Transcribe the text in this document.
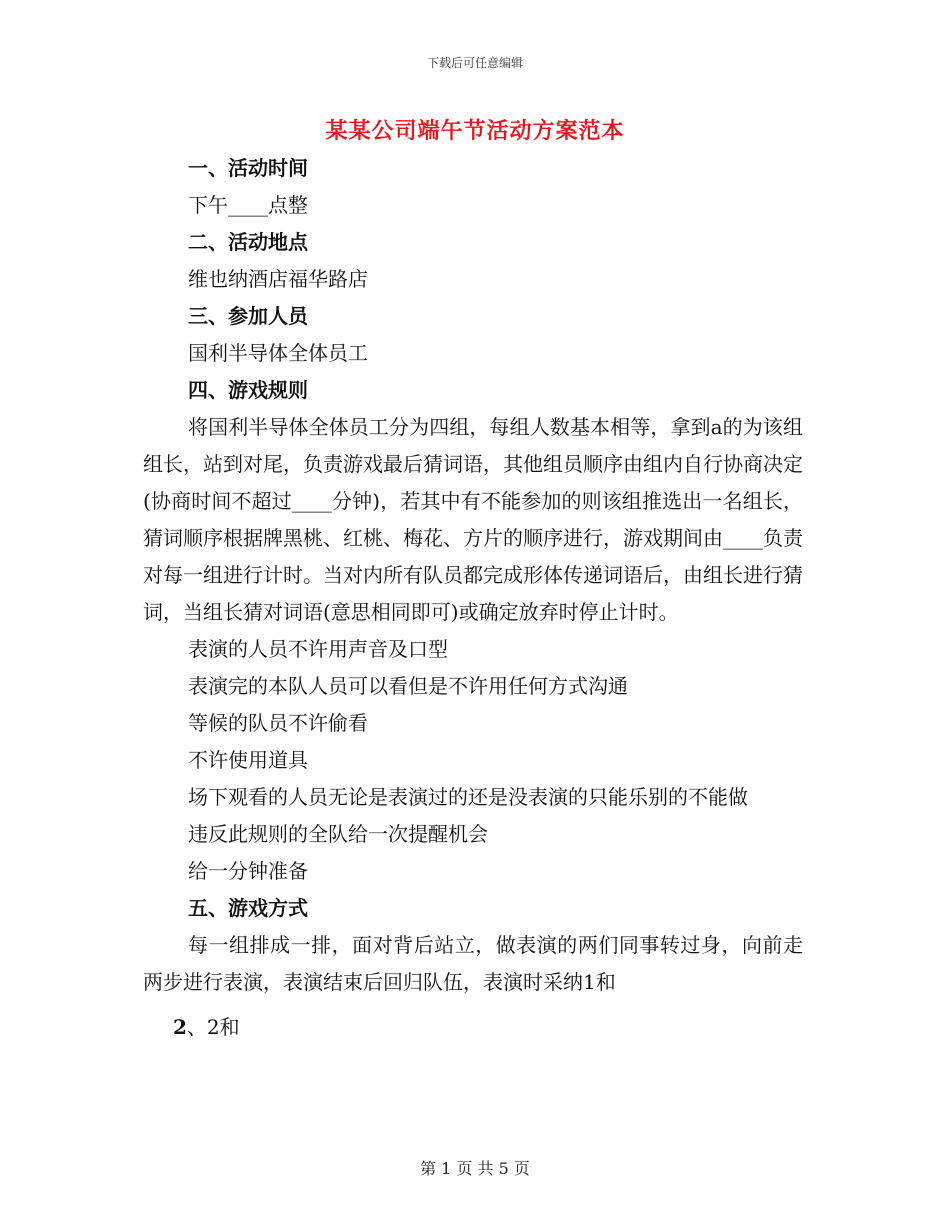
下载后可任意编辑
某某公司端午节活动方案范本
一、活动时间
下午____点整
二、活动地点
维也纳酒店福华路店
三、参加人员
国利半导体全体员工
四、游戏规则
将国利半导体全体员工分为四组，每组人数基本相等，拿到a的为该组组长，站到对尾，负责游戏最后猜词语，其他组员顺序由组内自行协商决定(协商时间不超过____分钟)，若其中有不能参加的则该组推选出一名组长，猜词顺序根据牌黑桃、红桃、梅花、方片的顺序进行，游戏期间由____负责对每一组进行计时。当对内所有队员都完成形体传递词语后，由组长进行猜词，当组长猜对词语(意思相同即可)或确定放弃时停止计时。
表演的人员不许用声音及口型
表演完的本队人员可以看但是不许用任何方式沟通
等候的队员不许偷看
不许使用道具
场下观看的人员无论是表演过的还是没表演的只能乐别的不能做
违反此规则的全队给一次提醒机会
给一分钟准备
五、游戏方式
每一组排成一排，面对背后站立，做表演的两们同事转过身，向前走两步进行表演，表演结束后回归队伍，表演时采纳1和
2、2和
第 1 页 共 5 页
